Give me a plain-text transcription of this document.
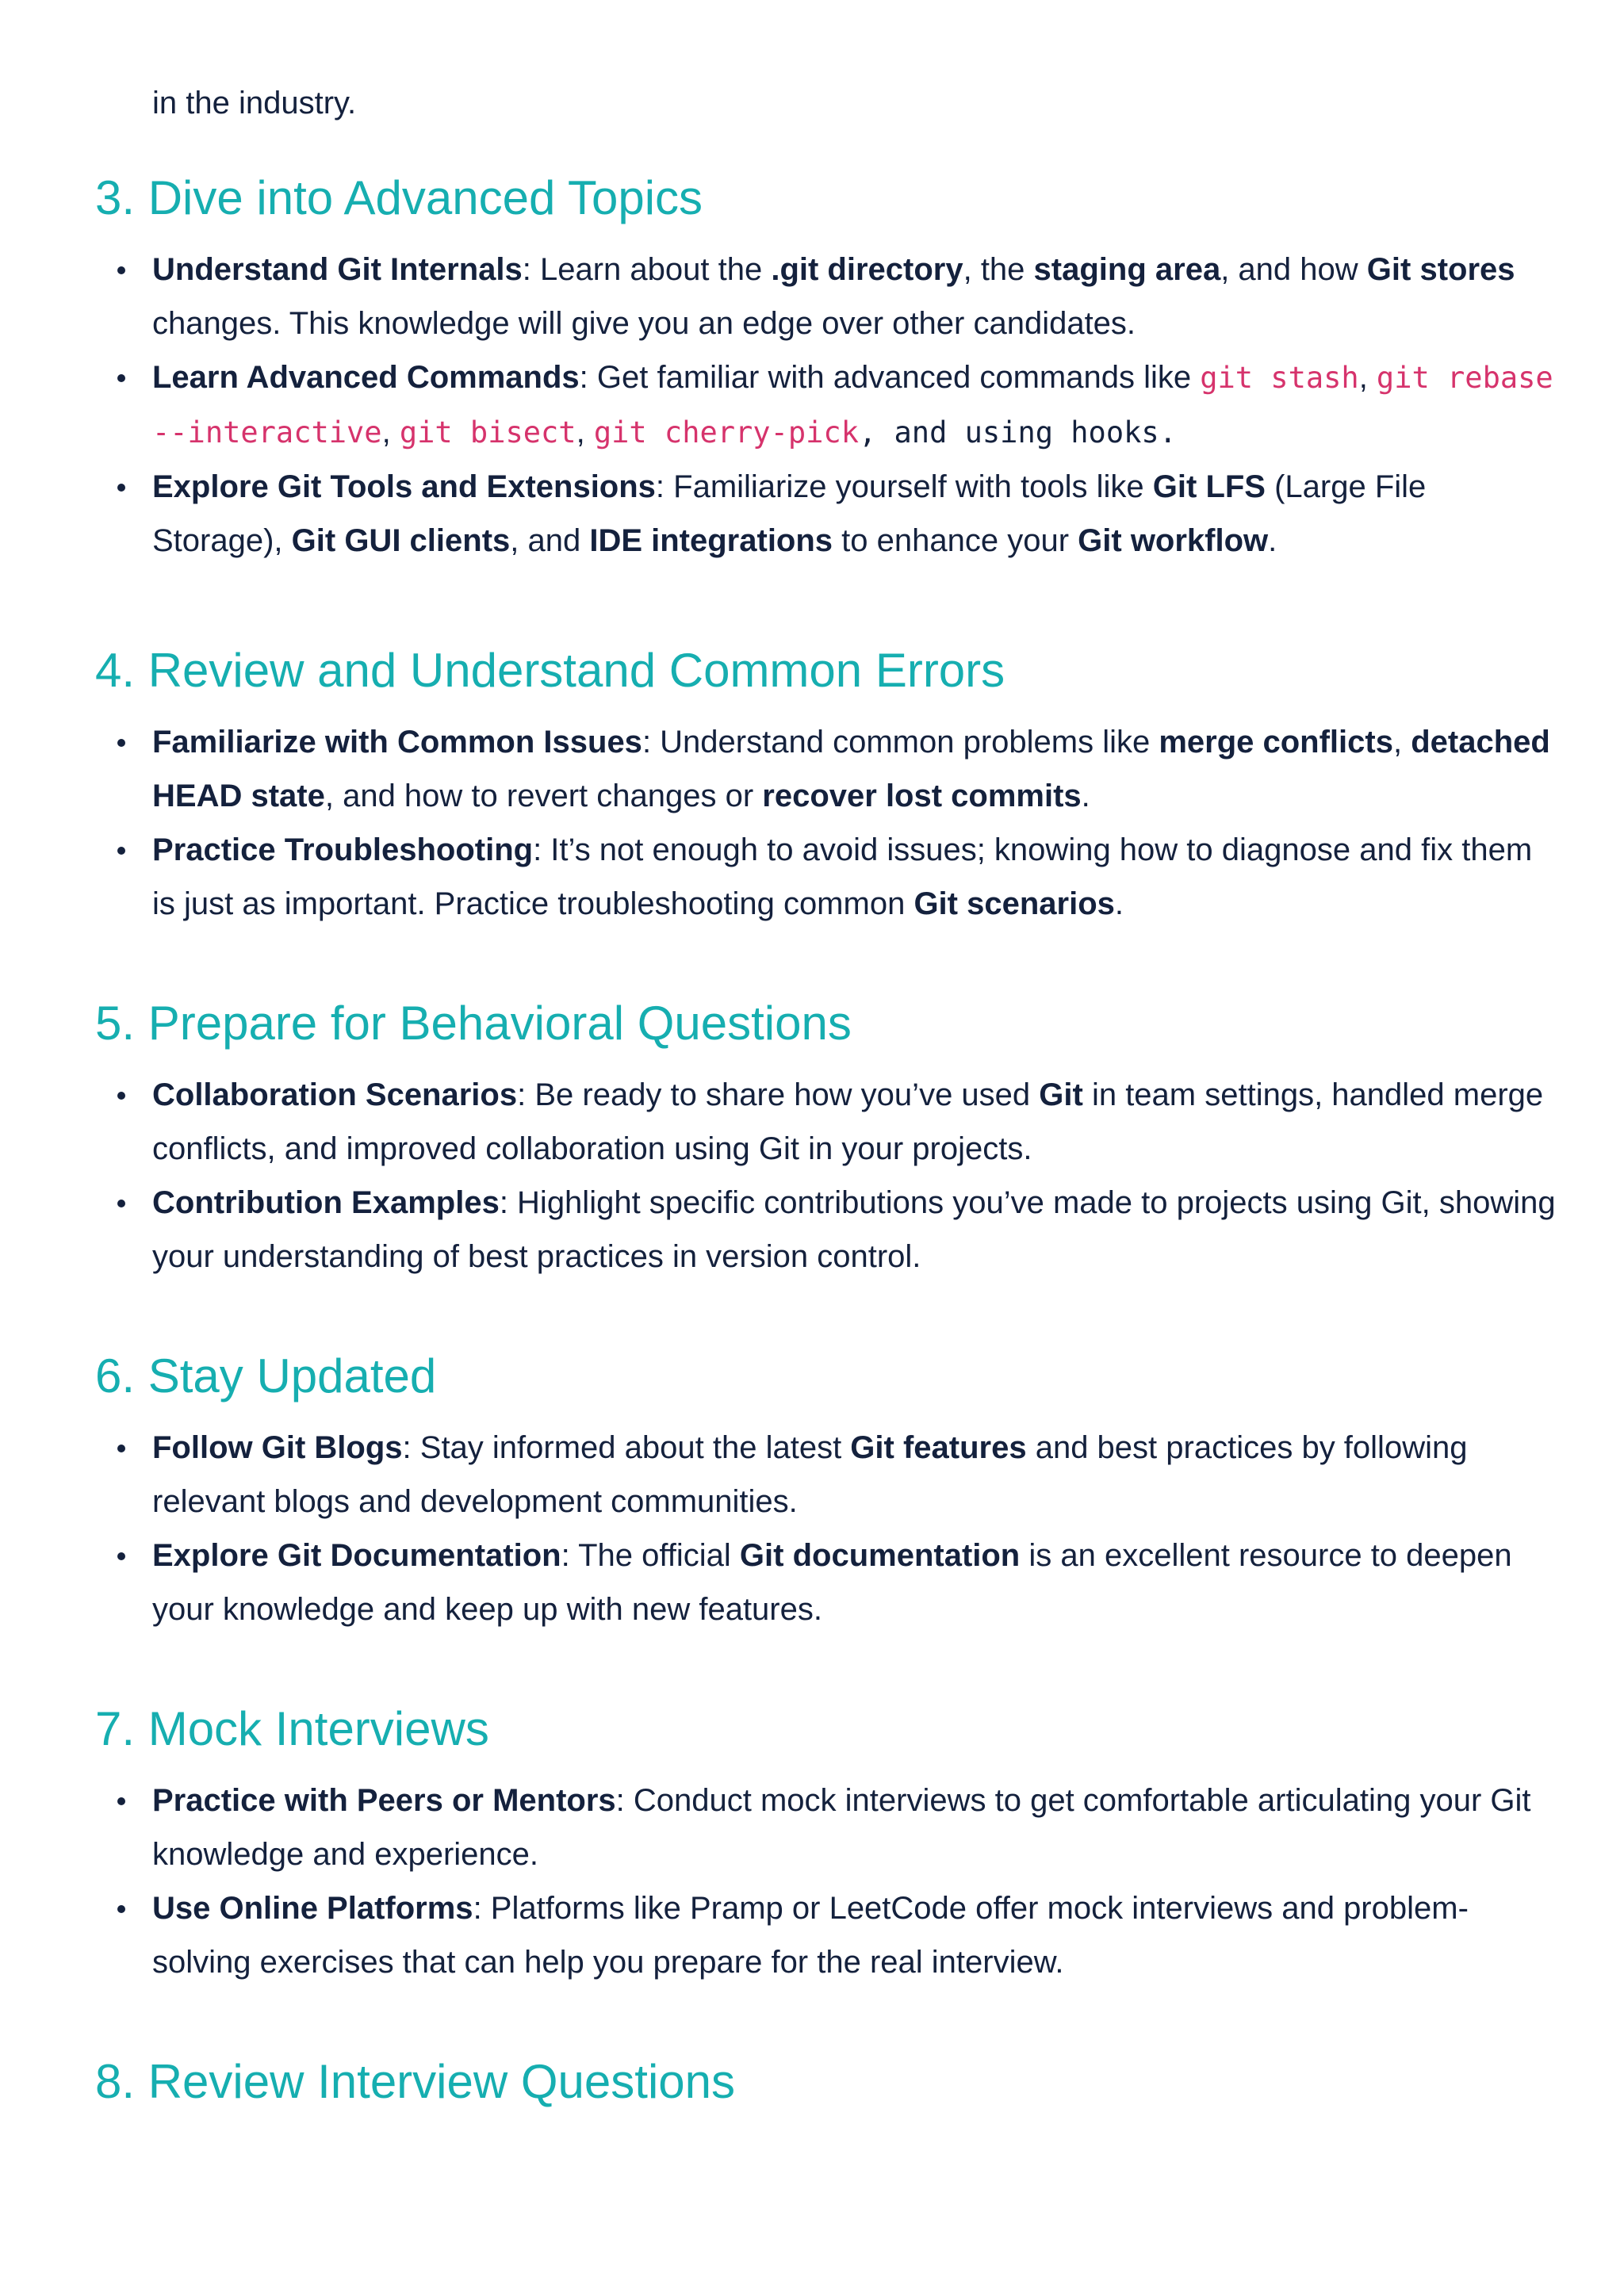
in the industry.

3. Dive into Advanced Topics
Understand Git Internals: Learn about the .git directory, the staging area, and how Git stores changes. This knowledge will give you an edge over other candidates.
Learn Advanced Commands: Get familiar with advanced commands like git stash, git rebase --interactive, git bisect, git cherry-pick, and using hooks.
Explore Git Tools and Extensions: Familiarize yourself with tools like Git LFS (Large File Storage), Git GUI clients, and IDE integrations to enhance your Git workflow.
4. Review and Understand Common Errors
Familiarize with Common Issues: Understand common problems like merge conflicts, detached HEAD state, and how to revert changes or recover lost commits.
Practice Troubleshooting: It’s not enough to avoid issues; knowing how to diagnose and fix them is just as important. Practice troubleshooting common Git scenarios.
5. Prepare for Behavioral Questions
Collaboration Scenarios: Be ready to share how you’ve used Git in team settings, handled merge conflicts, and improved collaboration using Git in your projects.
Contribution Examples: Highlight specific contributions you’ve made to projects using Git, showing your understanding of best practices in version control.
6. Stay Updated
Follow Git Blogs: Stay informed about the latest Git features and best practices by following relevant blogs and development communities.
Explore Git Documentation: The official Git documentation is an excellent resource to deepen your knowledge and keep up with new features.
7. Mock Interviews
Practice with Peers or Mentors: Conduct mock interviews to get comfortable articulating your Git knowledge and experience.
Use Online Platforms: Platforms like Pramp or LeetCode offer mock interviews and problem-solving exercises that can help you prepare for the real interview.
8. Review Interview Questions
